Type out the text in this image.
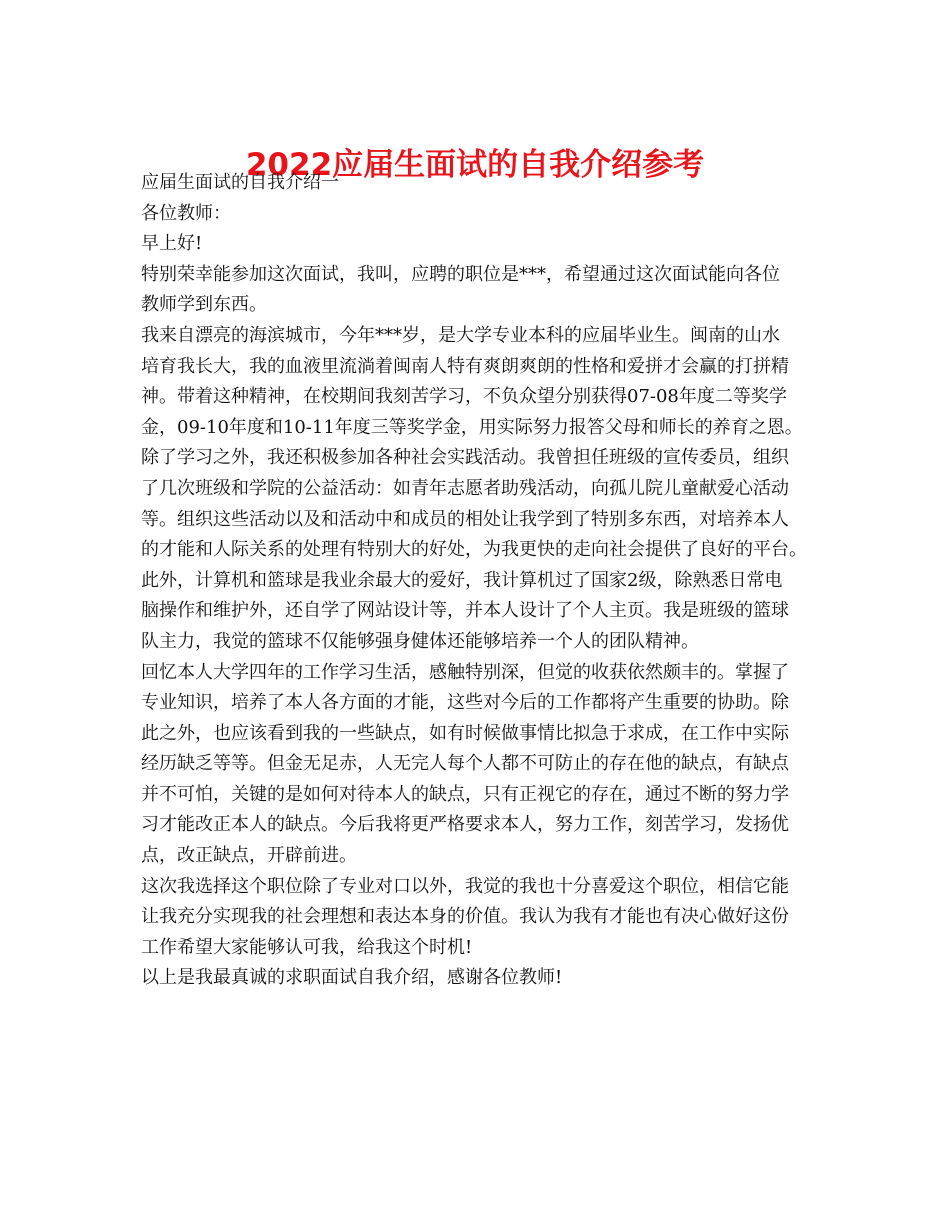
2022应届生面试的自我介绍参考

应届生面试的自我介绍一

各位教师：

早上好!

特别荣幸能参加这次面试，我叫，应聘的职位是***，希望通过这次面试能向各位

教师学到东西。

我来自漂亮的海滨城市，今年***岁，是大学专业本科的应届毕业生。闽南的山水

培育我长大，我的血液里流淌着闽南人特有爽朗爽朗的性格和爱拼才会赢的打拼精

神。带着这种精神，在校期间我刻苦学习，不负众望分别获得07-08年度二等奖学

金，09-10年度和10-11年度三等奖学金，用实际努力报答父母和师长的养育之恩。

除了学习之外，我还积极参加各种社会实践活动。我曾担任班级的宣传委员，组织

了几次班级和学院的公益活动：如青年志愿者助残活动，向孤儿院儿童献爱心活动

等。组织这些活动以及和活动中和成员的相处让我学到了特别多东西，对培养本人

的才能和人际关系的处理有特别大的好处，为我更快的走向社会提供了良好的平台。

此外，计算机和篮球是我业余最大的爱好，我计算机过了国家2级，除熟悉日常电

脑操作和维护外，还自学了网站设计等，并本人设计了个人主页。我是班级的篮球

队主力，我觉的篮球不仅能够强身健体还能够培养一个人的团队精神。

回忆本人大学四年的工作学习生活，感触特别深，但觉的收获依然颇丰的。掌握了

专业知识，培养了本人各方面的才能，这些对今后的工作都将产生重要的协助。除

此之外，也应该看到我的一些缺点，如有时候做事情比拟急于求成，在工作中实际

经历缺乏等等。但金无足赤，人无完人每个人都不可防止的存在他的缺点，有缺点

并不可怕，关键的是如何对待本人的缺点，只有正视它的存在，通过不断的努力学

习才能改正本人的缺点。今后我将更严格要求本人，努力工作，刻苦学习，发扬优

点，改正缺点，开辟前进。

这次我选择这个职位除了专业对口以外，我觉的我也十分喜爱这个职位，相信它能

让我充分实现我的社会理想和表达本身的价值。我认为我有才能也有决心做好这份

工作希望大家能够认可我，给我这个时机!

以上是我最真诚的求职面试自我介绍，感谢各位教师!
